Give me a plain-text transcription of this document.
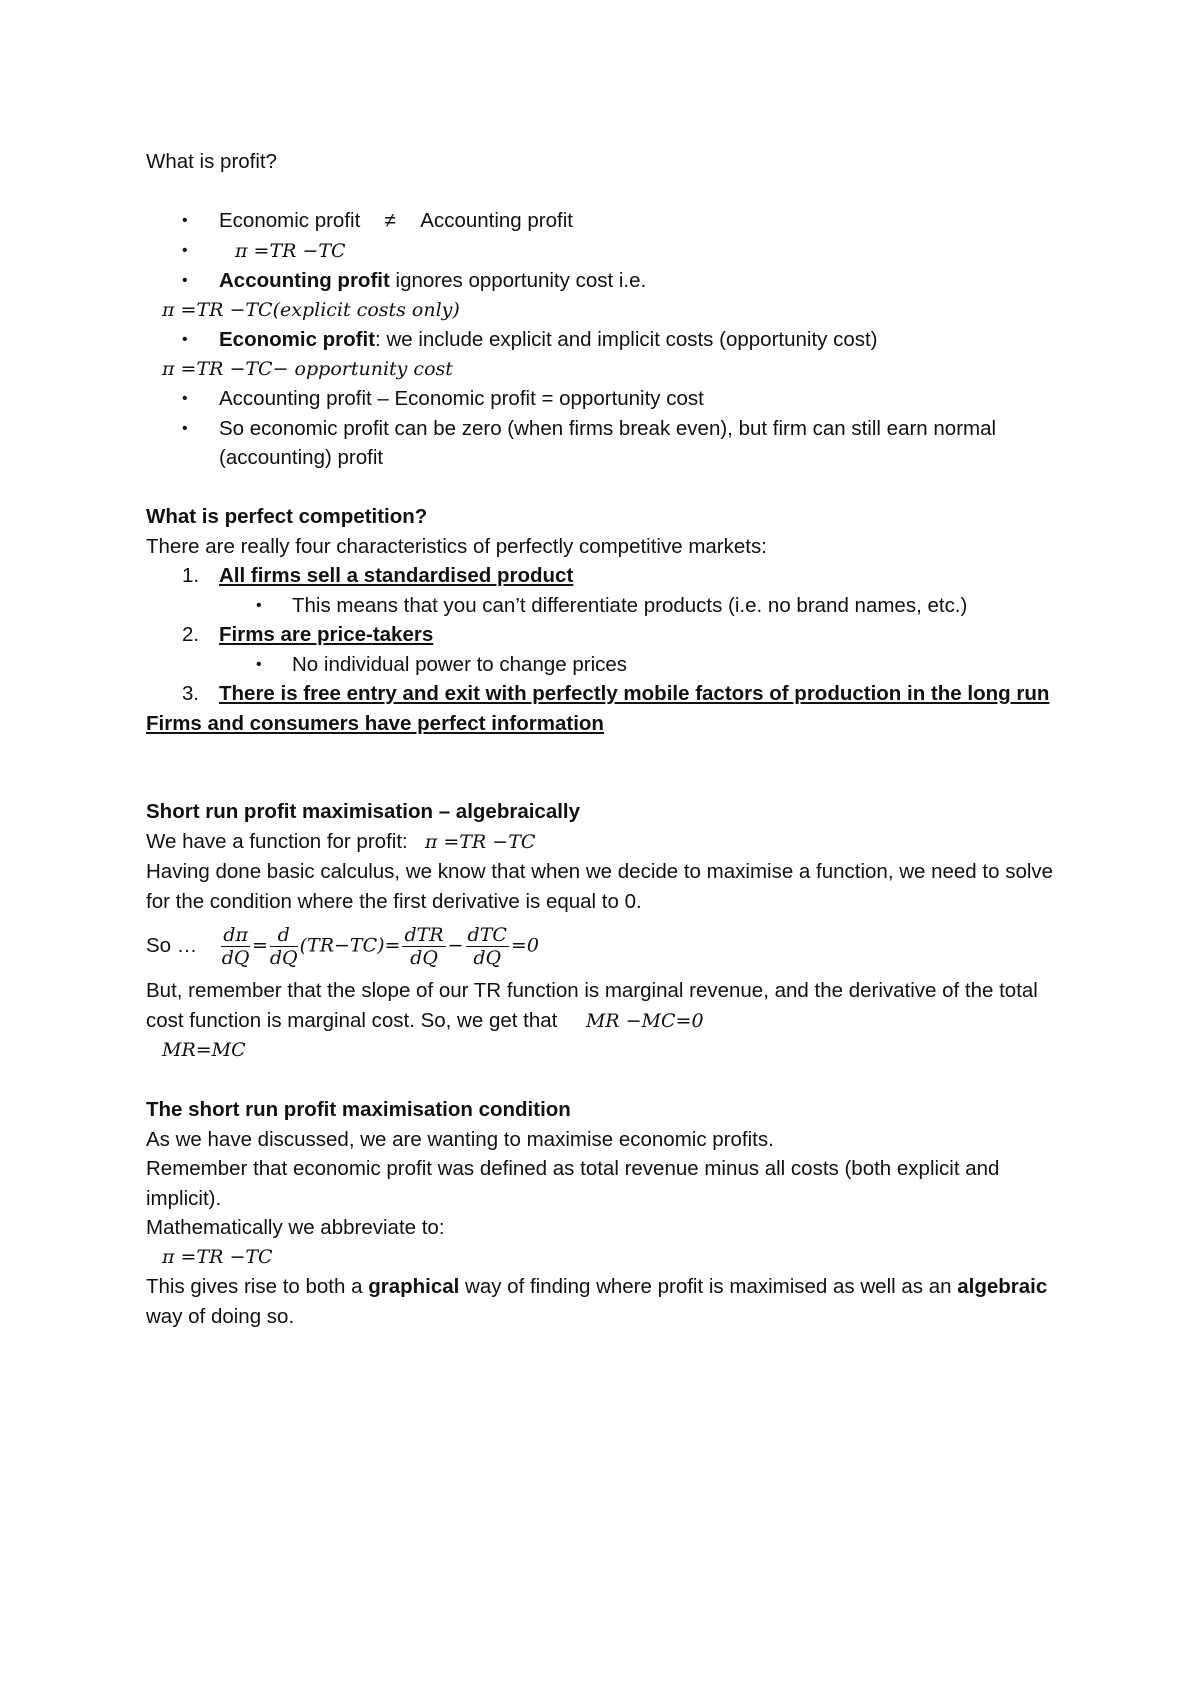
What is profit?

• Economic profit ≠ Accounting profit
• π =TR −TC
• Accounting profit ignores opportunity cost i.e.

π =TR −TC(explicit costs only)

• Economic profit: we include explicit and implicit costs (opportunity cost)

π =TR −TC− opportunity cost

• Accounting profit – Economic profit = opportunity cost
• So economic profit can be zero (when firms break even), but firm can still earn normal (accounting) profit

What is perfect competition?

There are really four characteristics of perfectly competitive markets:

1. All firms sell a standardised product
• This means that you can’t differentiate products (i.e. no brand names, etc.)
2. Firms are price-takers
• No individual power to change prices
3. There is free entry and exit with perfectly mobile factors of production in the long run

Firms and consumers have perfect information

Short run profit maximisation – algebraically

We have a function for profit: π =TR −TC

Having done basic calculus, we know that when we decide to maximise a function, we need to solve for the condition where the first derivative is equal to 0.

So … $\frac{d\pi}{dQ} = \frac{d}{dQ} (TR-TC)= \frac{\text{dTR}}{dQ} - \frac{\text{dTC}}{dQ} =0$

But, remember that the slope of our TR function is marginal revenue, and the derivative of the total cost function is marginal cost. So, we get that MR −MC=0

MR=MC

The short run profit maximisation condition

As we have discussed, we are wanting to maximise economic profits.

Remember that economic profit was defined as total revenue minus all costs (both explicit and implicit).

Mathematically we abbreviate to:

π =TR −TC

This gives rise to both a graphical way of finding where profit is maximised as well as an algebraic way of doing so.
